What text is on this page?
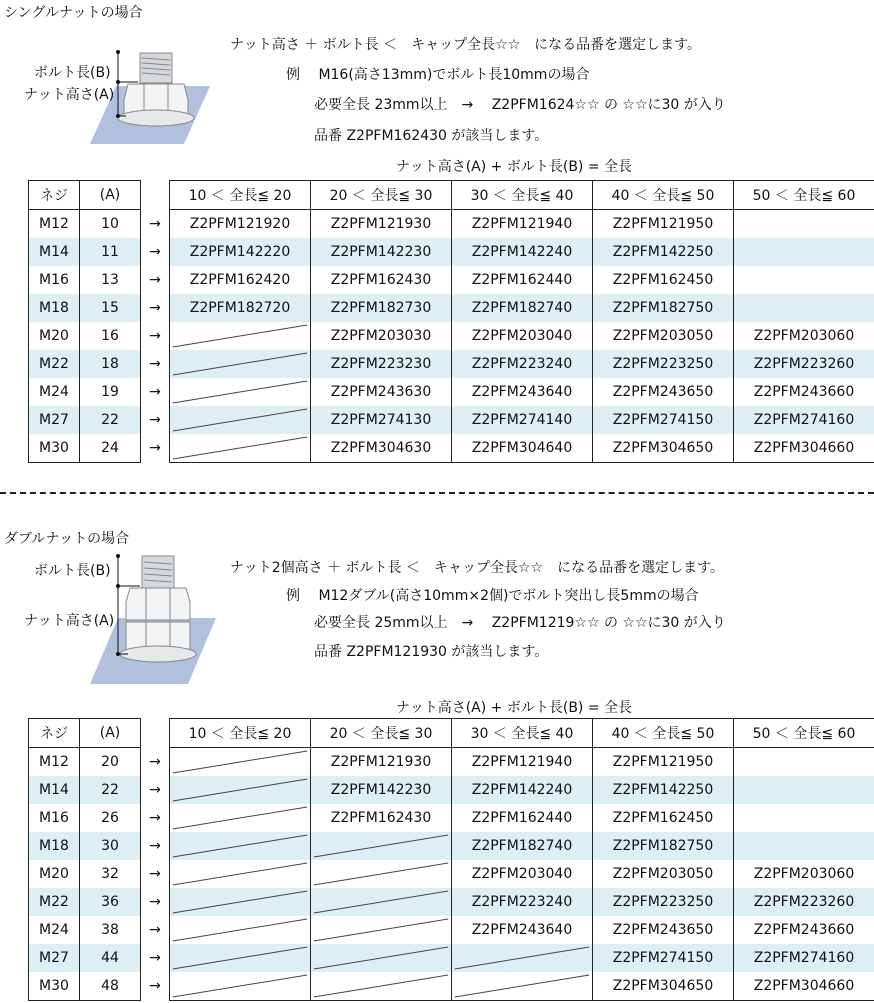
シングルナットの場合
ボルト長(B)
ナット高さ(A)
ナット高さ ＋ ボルト長 ＜　キャップ全長☆☆　になる品番を選定します。
例　 M16(高さ13mm)でボルト長10mmの場合
必要全長 23mm以上　→　 Z2PFM1624☆☆ の ☆☆に30 が入り
品番 Z2PFM162430 が該当します。
ナット高さ(A) + ボルト長(B) = 全長
ネジ	(A)		10 ＜ 全長≦ 20	20 ＜ 全長≦ 30	30 ＜ 全長≦ 40	40 ＜ 全長≦ 50	50 ＜ 全長≦ 60
M12	10	→	Z2PFM121920	Z2PFM121930	Z2PFM121940	Z2PFM121950	
M14	11	→	Z2PFM142220	Z2PFM142230	Z2PFM142240	Z2PFM142250	
M16	13	→	Z2PFM162420	Z2PFM162430	Z2PFM162440	Z2PFM162450	
M18	15	→	Z2PFM182720	Z2PFM182730	Z2PFM182740	Z2PFM182750	
M20	16	→		Z2PFM203030	Z2PFM203040	Z2PFM203050	Z2PFM203060
M22	18	→		Z2PFM223230	Z2PFM223240	Z2PFM223250	Z2PFM223260
M24	19	→		Z2PFM243630	Z2PFM243640	Z2PFM243650	Z2PFM243660
M27	22	→		Z2PFM274130	Z2PFM274140	Z2PFM274150	Z2PFM274160
M30	24	→		Z2PFM304630	Z2PFM304640	Z2PFM304650	Z2PFM304660
ダブルナットの場合
ボルト長(B)
ナット高さ(A)
ナット2個高さ ＋ ボルト長 ＜　キャップ全長☆☆　になる品番を選定します。
例　 M12ダブル(高さ10mm×2個)でボルト突出し長5mmの場合
必要全長 25mm以上　→　 Z2PFM1219☆☆ の ☆☆に30 が入り
品番 Z2PFM121930 が該当します。
ナット高さ(A) + ボルト長(B) = 全長
ネジ	(A)		10 ＜ 全長≦ 20	20 ＜ 全長≦ 30	30 ＜ 全長≦ 40	40 ＜ 全長≦ 50	50 ＜ 全長≦ 60
M12	20	→		Z2PFM121930	Z2PFM121940	Z2PFM121950	
M14	22	→		Z2PFM142230	Z2PFM142240	Z2PFM142250	
M16	26	→		Z2PFM162430	Z2PFM162440	Z2PFM162450	
M18	30	→			Z2PFM182740	Z2PFM182750	
M20	32	→			Z2PFM203040	Z2PFM203050	Z2PFM203060
M22	36	→			Z2PFM223240	Z2PFM223250	Z2PFM223260
M24	38	→			Z2PFM243640	Z2PFM243650	Z2PFM243660
M27	44	→				Z2PFM274150	Z2PFM274160
M30	48	→				Z2PFM304650	Z2PFM304660
